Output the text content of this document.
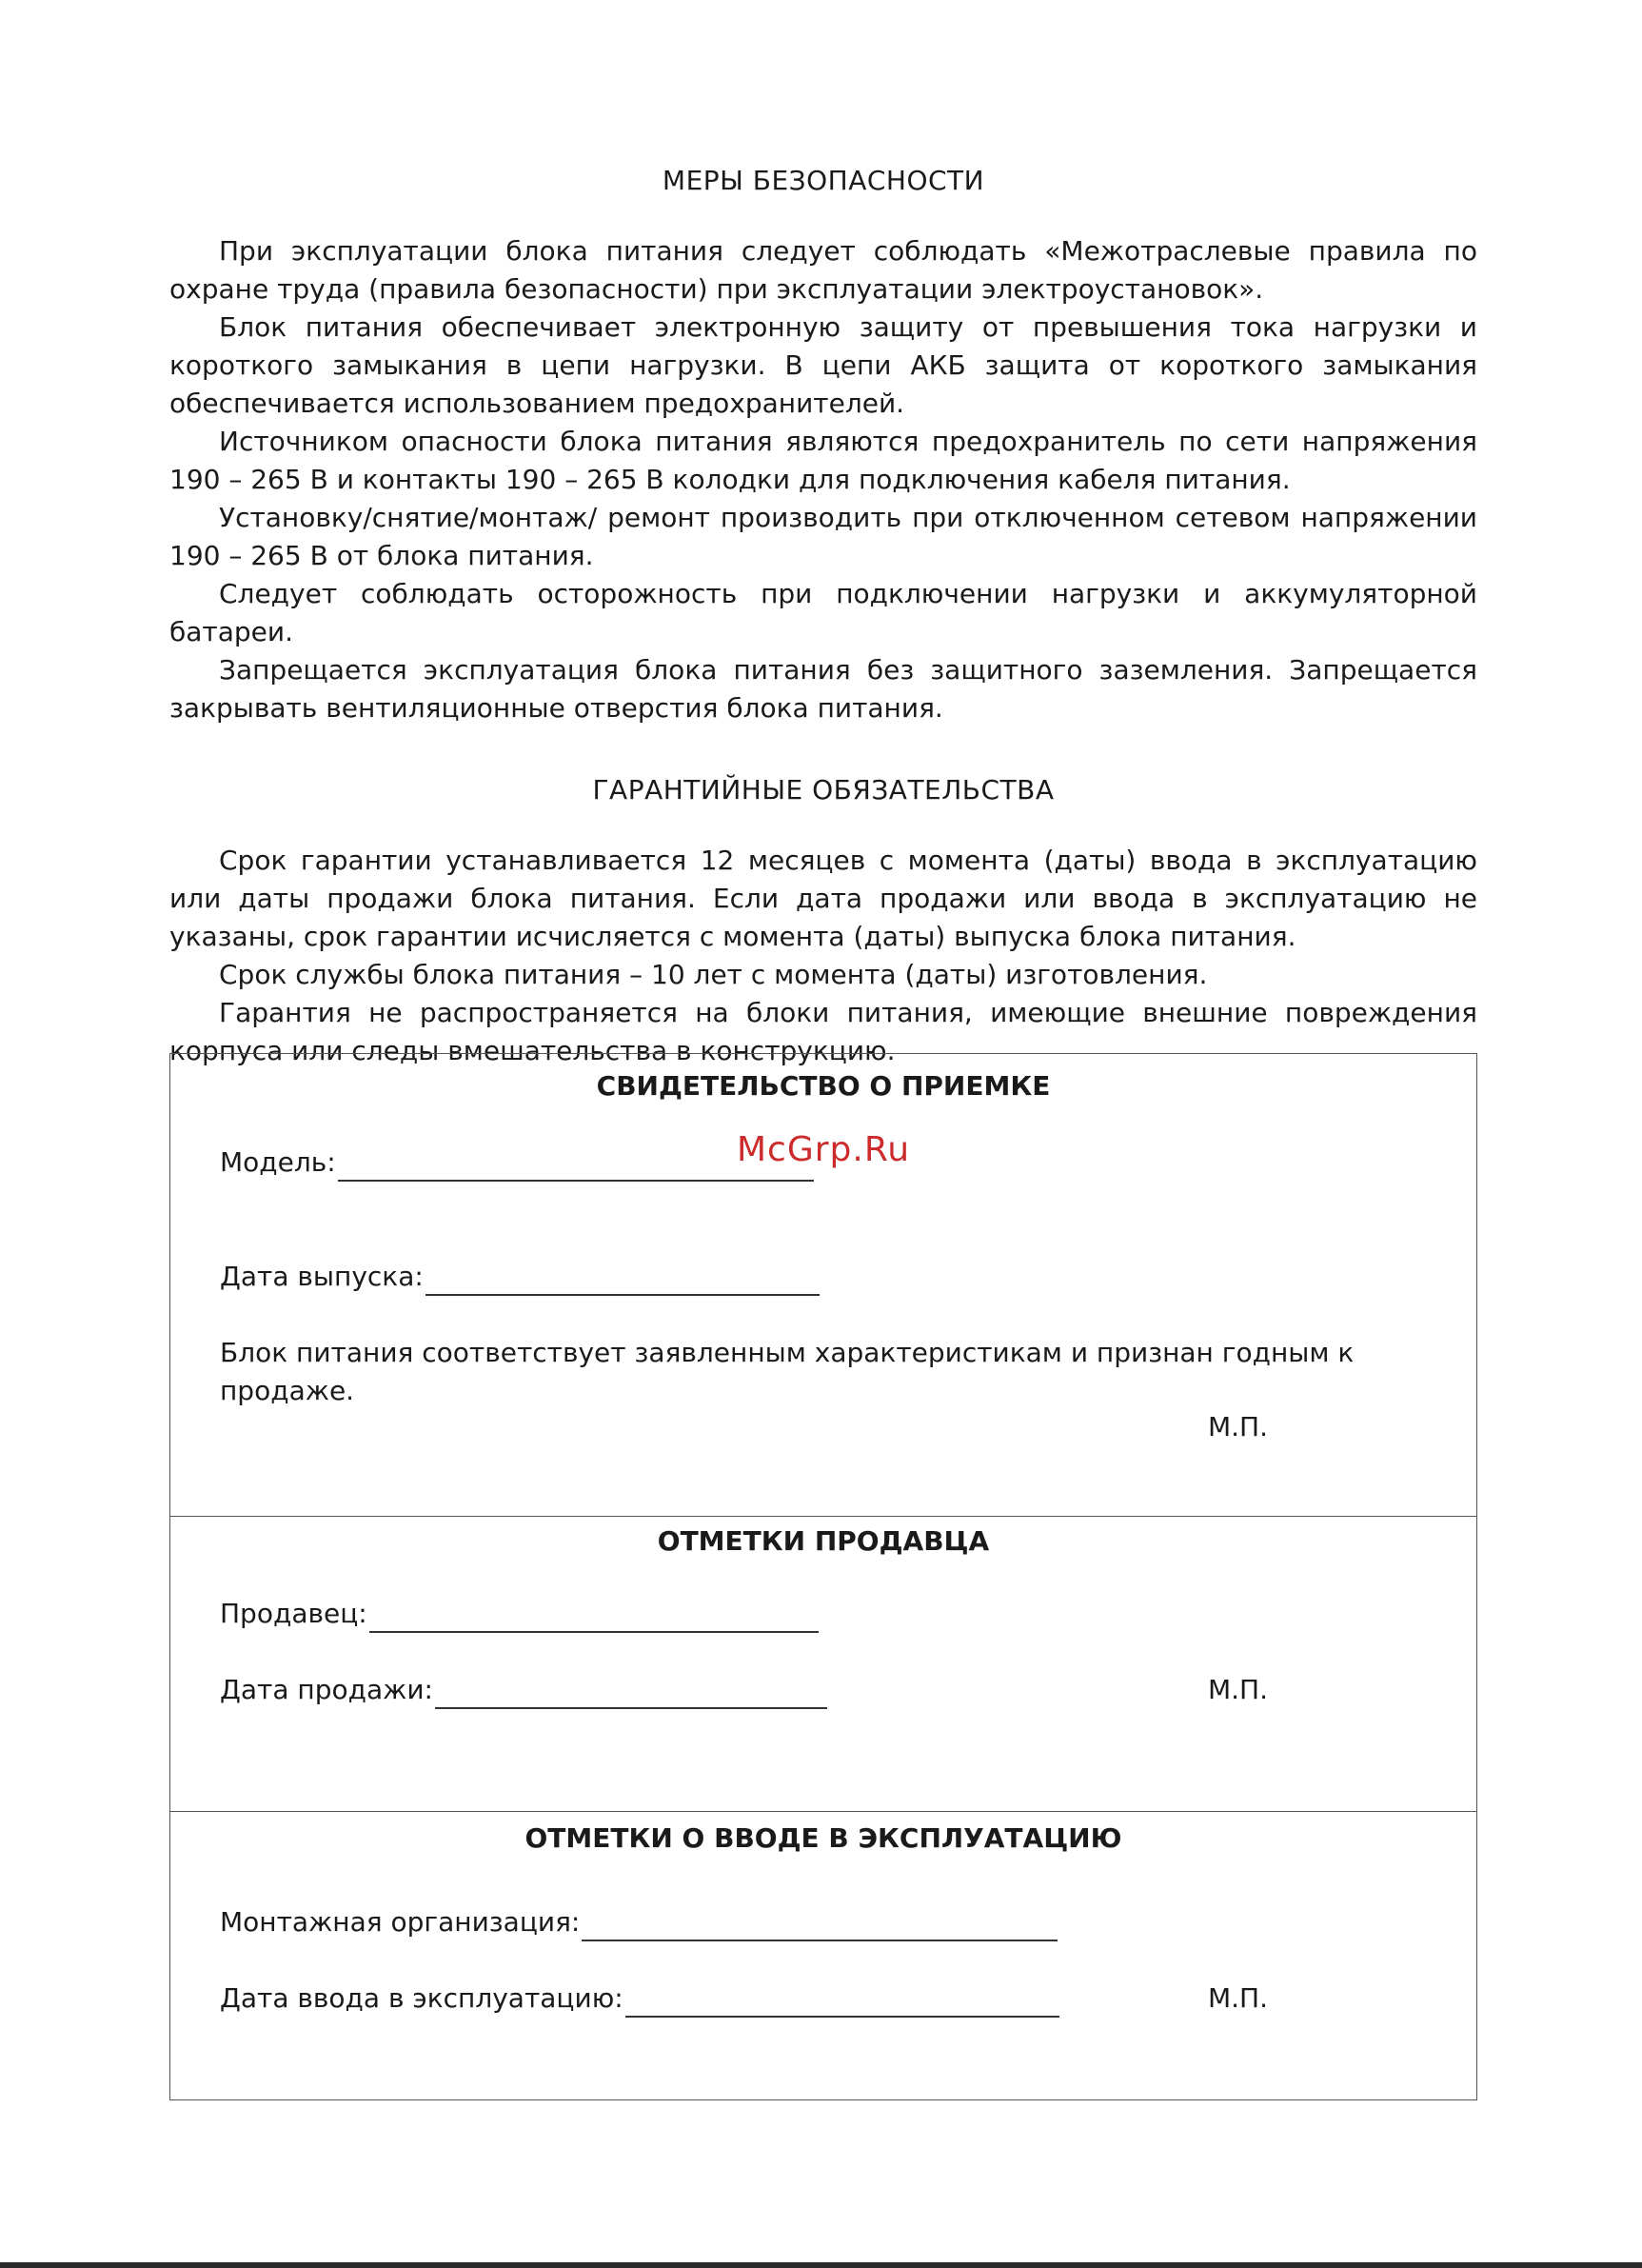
МЕРЫ БЕЗОПАСНОСТИ

При эксплуатации блока питания следует соблюдать «Межотраслевые правила по охране труда (правила безопасности) при эксплуатации электроустановок».

Блок питания обеспечивает электронную защиту от превышения тока нагрузки и короткого замыкания в цепи нагрузки. В цепи АКБ защита от короткого замыкания обеспечивается использованием предохранителей.

Источником опасности блока питания являются предохранитель по сети напряжения 190 – 265 В и контакты 190 – 265 В колодки для подключения кабеля питания.

Установку/снятие/монтаж/ ремонт производить при отключенном сетевом напряжении 190 – 265 В от блока питания.

Следует соблюдать осторожность при подключении нагрузки и аккумуляторной батареи.

Запрещается эксплуатация блока питания без защитного заземления. Запрещается закрывать вентиляционные отверстия блока питания.

ГАРАНТИЙНЫЕ ОБЯЗАТЕЛЬСТВА

Срок гарантии устанавливается 12 месяцев с момента (даты) ввода в эксплуатацию или даты продажи блока питания. Если дата продажи или ввода в эксплуатацию не указаны, срок гарантии исчисляется с момента (даты) выпуска блока питания.

Срок службы блока питания – 10 лет с момента (даты) изготовления.

Гарантия не распространяется на блоки питания, имеющие внешние повреждения корпуса или следы вмешательства в конструкцию.

СВИДЕТЕЛЬСТВО О ПРИЕМКЕ
McGrp.Ru
Модель:
Дата выпуска:
Блок питания соответствует заявленным характеристикам и признан годным к продаже.
М.П.
ОТМЕТКИ ПРОДАВЦА
Продавец:
Дата продажи:	М.П.
ОТМЕТКИ О ВВОДЕ В ЭКСПЛУАТАЦИЮ
Монтажная организация:
Дата ввода в эксплуатацию:	М.П.
